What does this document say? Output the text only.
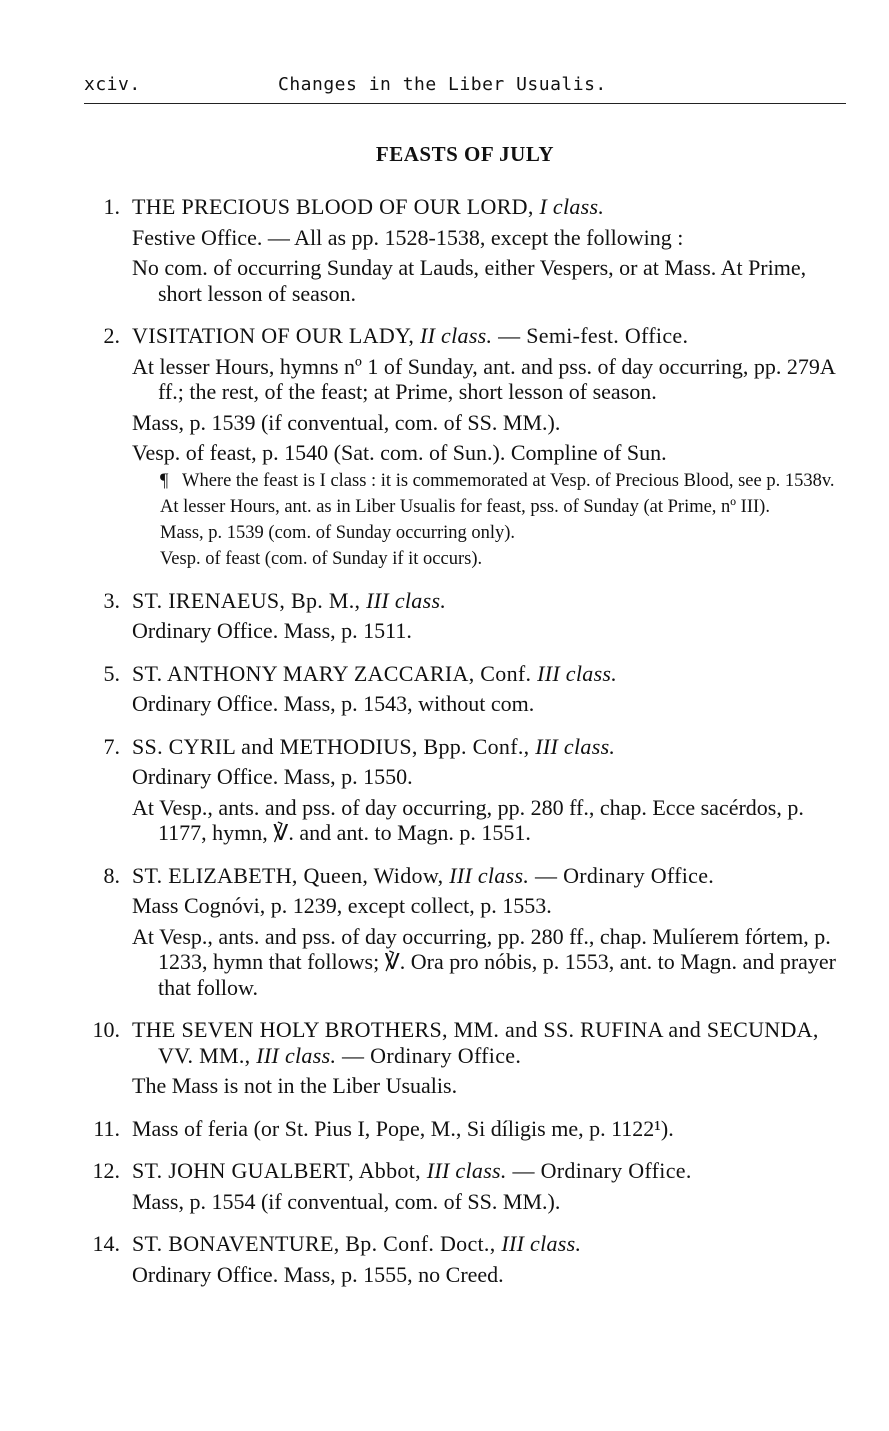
xciv.	Changes in the Liber Usualis.
FEASTS OF JULY
1. THE PRECIOUS BLOOD OF OUR LORD, I class.
Festive Office. — All as pp. 1528-1538, except the following :
No com. of occurring Sunday at Lauds, either Vespers, or at Mass. At Prime, short lesson of season.
2. VISITATION OF OUR LADY, II class. — Semi-fest. Office.
At lesser Hours, hymns nº 1 of Sunday, ant. and pss. of day occurring, pp. 279A ff.; the rest, of the feast; at Prime, short lesson of season.
Mass, p. 1539 (if conventual, com. of SS. MM.).
Vesp. of feast, p. 1540 (Sat. com. of Sun.). Compline of Sun.
¶ Where the feast is I class : it is commemorated at Vesp. of Precious Blood, see p. 1538v.
At lesser Hours, ant. as in Liber Usualis for feast, pss. of Sunday (at Prime, nº III).
Mass, p. 1539 (com. of Sunday occurring only).
Vesp. of feast (com. of Sunday if it occurs).
3. ST. IRENAEUS, Bp. M., III class.
Ordinary Office. Mass, p. 1511.
5. ST. ANTHONY MARY ZACCARIA, Conf. III class.
Ordinary Office. Mass, p. 1543, without com.
7. SS. CYRIL and METHODIUS, Bpp. Conf., III class.
Ordinary Office. Mass, p. 1550.
At Vesp., ants. and pss. of day occurring, pp. 280 ff., chap. Ecce sacérdos, p. 1177, hymn, ℣. and ant. to Magn. p. 1551.
8. ST. ELIZABETH, Queen, Widow, III class. — Ordinary Office.
Mass Cognóvi, p. 1239, except collect, p. 1553.
At Vesp., ants. and pss. of day occurring, pp. 280 ff., chap. Mulíerem fórtem, p. 1233, hymn that follows; ℣. Ora pro nóbis, p. 1553, ant. to Magn. and prayer that follow.
10. THE SEVEN HOLY BROTHERS, MM. and SS. RUFINA and SECUNDA, VV. MM., III class. — Ordinary Office.
The Mass is not in the Liber Usualis.
11. Mass of feria (or St. Pius I, Pope, M., Si díligis me, p. 1122¹).
12. ST. JOHN GUALBERT, Abbot, III class. — Ordinary Office.
Mass, p. 1554 (if conventual, com. of SS. MM.).
14. ST. BONAVENTURE, Bp. Conf. Doct., III class.
Ordinary Office. Mass, p. 1555, no Creed.
